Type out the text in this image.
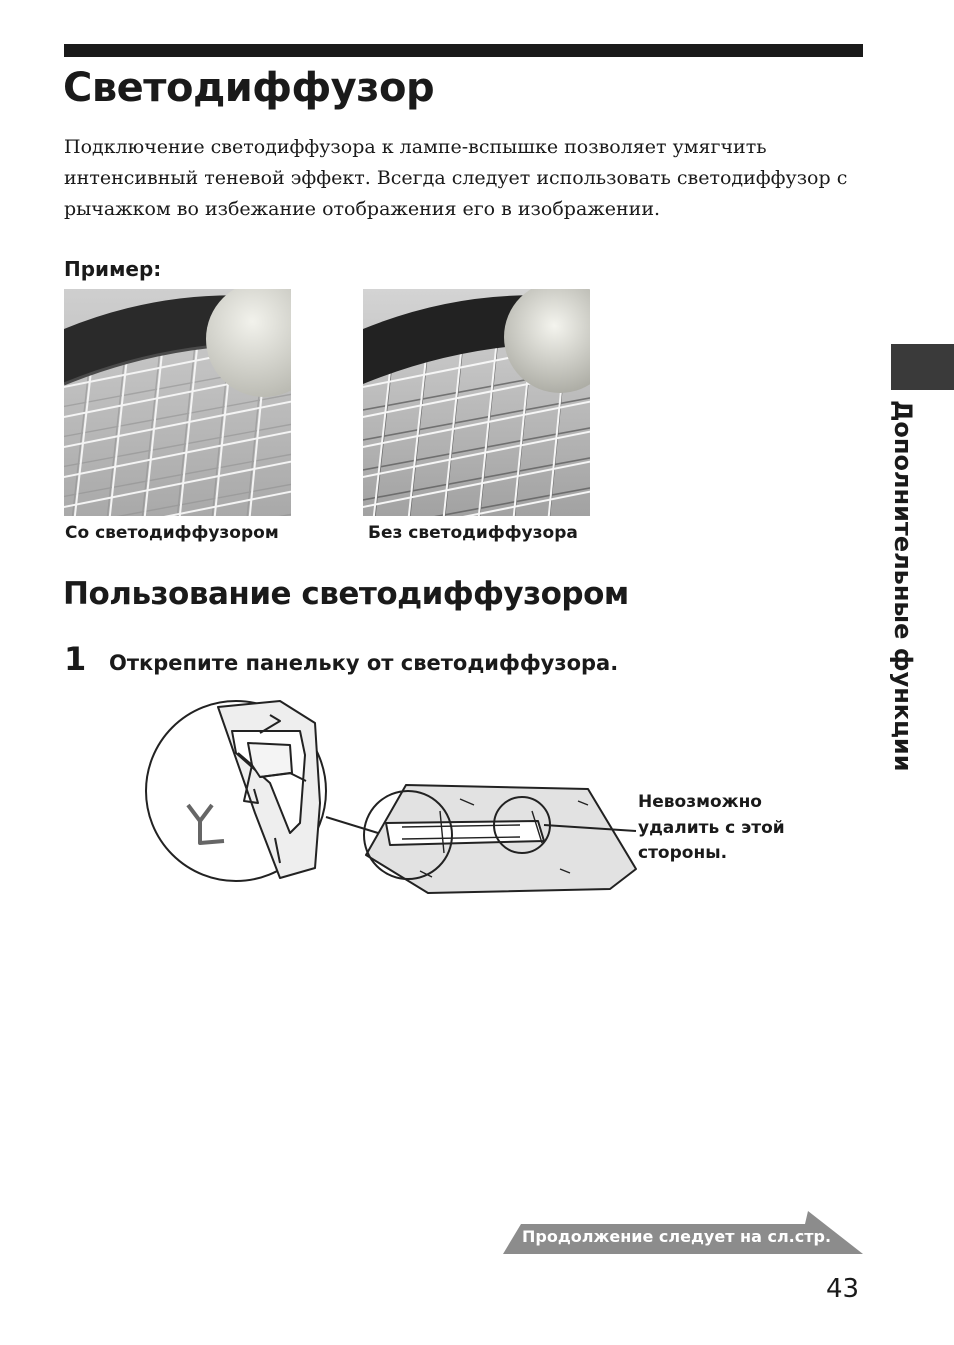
Светодиффузор

Подключение светодиффузора к лампе-вспышке позволяет умягчить
интенсивный теневой эффект. Всегда следует использовать светодиффузор с
рычажком во избежание отображения его в изображении.

Пример:

Со светодиффузором	Без светодиффузора

Пользование светодиффузором

1 Открепите панельку от светодиффузора.

Невозможно
удалить с этой
стороны.

Дополнительные функции

Продолжение следует на сл.стр.

43
